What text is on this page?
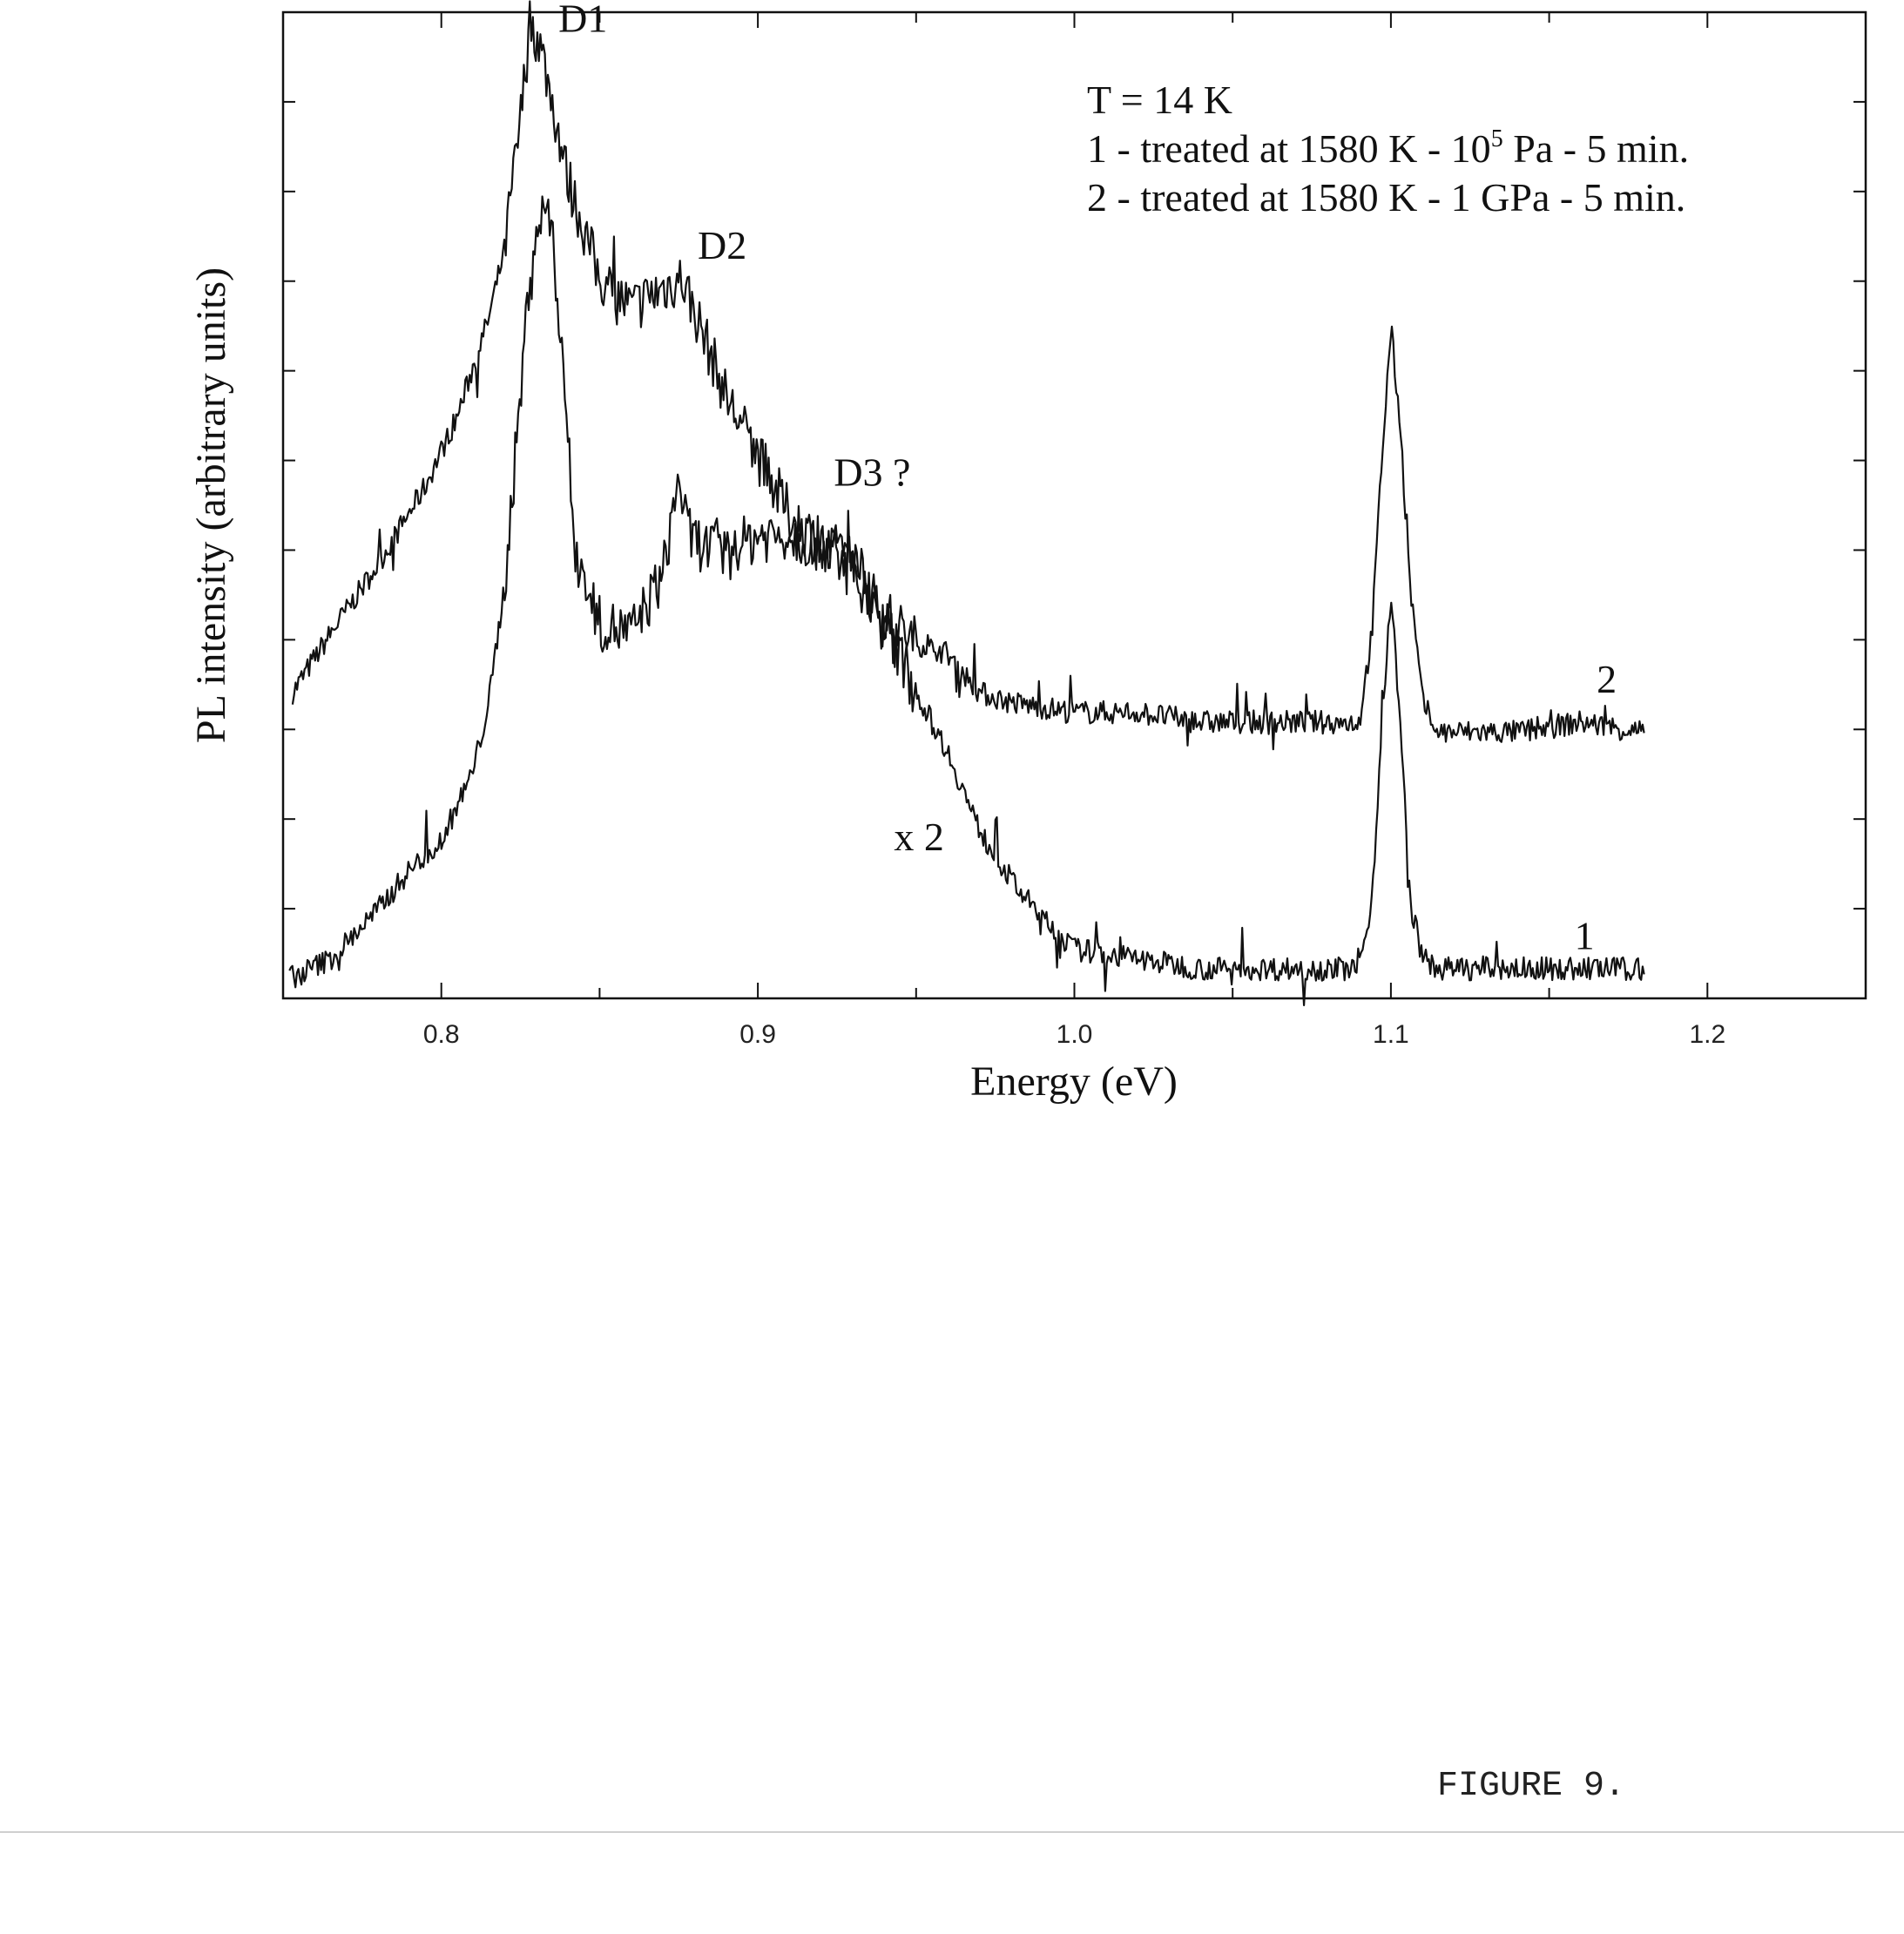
0.8	0.9	1.0	1.1	1.2
Energy (eV)
PL intensity (arbitrary units)
D1
D2
D3 ?
x 2
2
1
T = 14 K
1 - treated at 1580 K - $10^5$ Pa - 5 min.
2 - treated at 1580 K - 1 GPa - 5 min.
FIGURE 9.
